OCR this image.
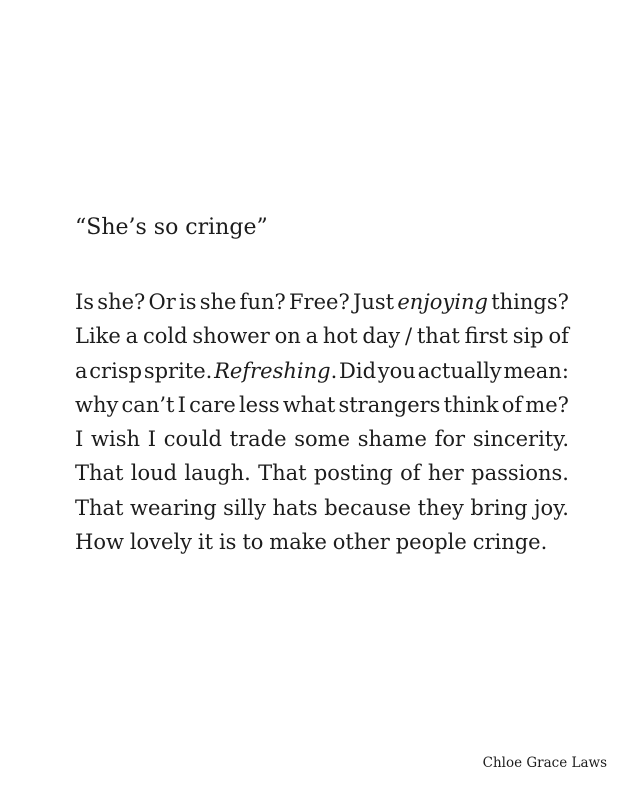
“She’s so cringe”
Is she? Or is she fun? Free? Just enjoying things?
Like a cold shower on a hot day / that first sip of
a crisp sprite. Refreshing. Did you actually mean:
why can’t I care less what strangers think of me?
I wish I could trade some shame for sincerity.
That loud laugh. That posting of her passions.
That wearing silly hats because they bring joy.
How lovely it is to make other people cringe.
Chloe Grace Laws
